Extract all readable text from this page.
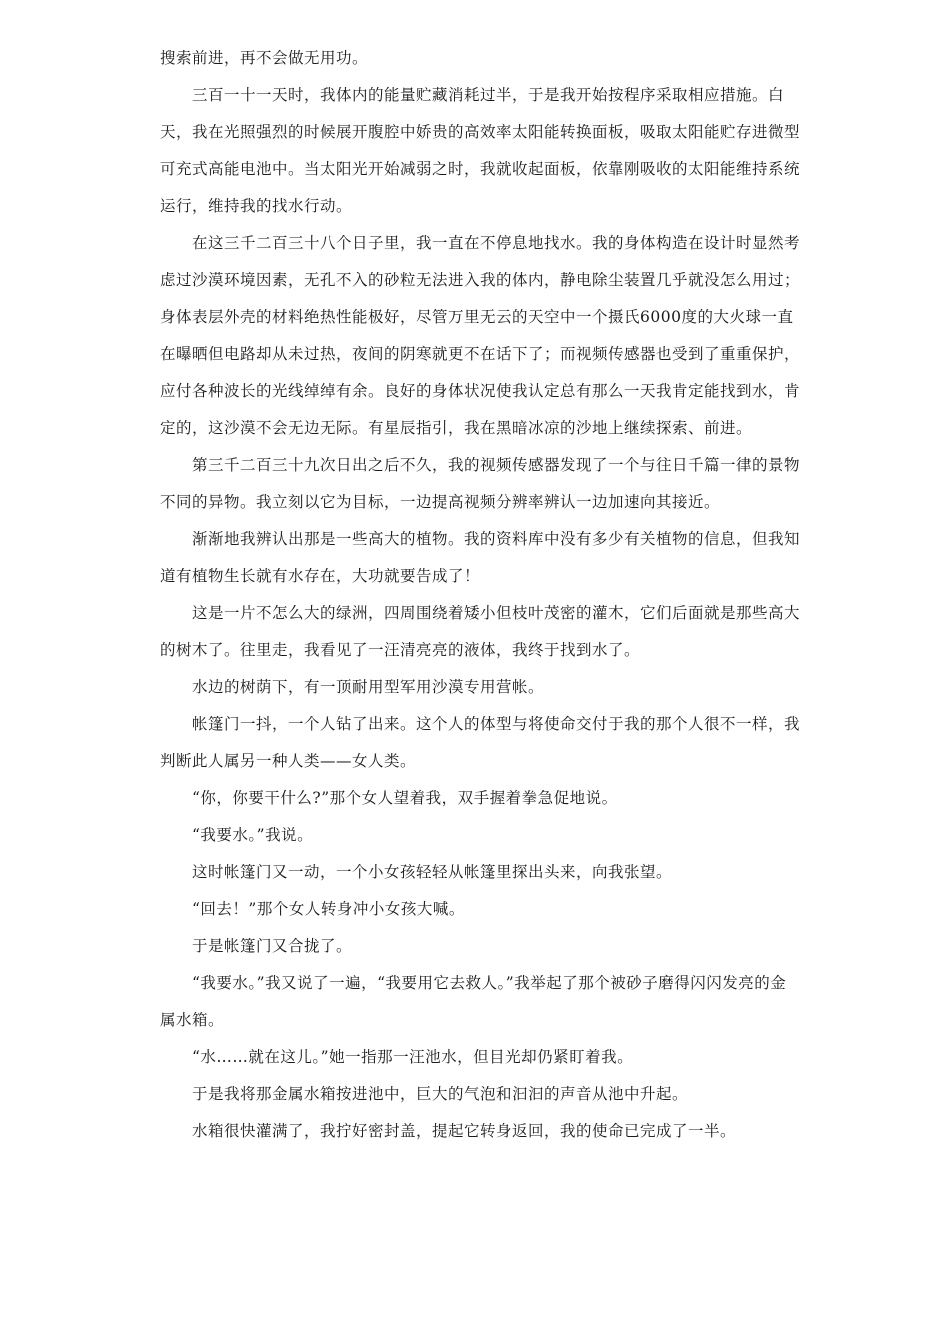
搜索前进，再不会做无用功。

三百一十一天时，我体内的能量贮藏消耗过半，于是我开始按程序采取相应措施。白天，我在光照强烈的时候展开腹腔中娇贵的高效率太阳能转换面板，吸取太阳能贮存进微型可充式高能电池中。当太阳光开始减弱之时，我就收起面板，依靠刚吸收的太阳能维持系统运行，维持我的找水行动。

在这三千二百三十八个日子里，我一直在不停息地找水。我的身体构造在设计时显然考虑过沙漠环境因素，无孔不入的砂粒无法进入我的体内，静电除尘装置几乎就没怎么用过；身体表层外壳的材料绝热性能极好，尽管万里无云的天空中一个摄氏6000度的大火球一直在曝晒但电路却从未过热，夜间的阴寒就更不在话下了；而视频传感器也受到了重重保护，应付各种波长的光线绰绰有余。良好的身体状况使我认定总有那么一天我肯定能找到水，肯定的，这沙漠不会无边无际。有星辰指引，我在黑暗冰凉的沙地上继续探索、前进。

第三千二百三十九次日出之后不久，我的视频传感器发现了一个与往日千篇一律的景物不同的异物。我立刻以它为目标，一边提高视频分辨率辨认一边加速向其接近。

渐渐地我辨认出那是一些高大的植物。我的资料库中没有多少有关植物的信息，但我知道有植物生长就有水存在，大功就要告成了！

这是一片不怎么大的绿洲，四周围绕着矮小但枝叶茂密的灌木，它们后面就是那些高大的树木了。往里走，我看见了一汪清亮亮的液体，我终于找到水了。

水边的树荫下，有一顶耐用型军用沙漠专用营帐。

帐篷门一抖，一个人钻了出来。这个人的体型与将使命交付于我的那个人很不一样，我判断此人属另一种人类——女人类。

“你，你要干什么?”那个女人望着我，双手握着拳急促地说。

“我要水。”我说。

这时帐篷门又一动，一个小女孩轻轻从帐篷里探出头来，向我张望。

“回去！”那个女人转身冲小女孩大喊。

于是帐篷门又合拢了。

“我要水。”我又说了一遍，“我要用它去救人。”我举起了那个被砂子磨得闪闪发亮的金属水箱。

“水……就在这儿。”她一指那一汪池水，但目光却仍紧盯着我。

于是我将那金属水箱按进池中，巨大的气泡和汩汩的声音从池中升起。

水箱很快灌满了，我拧好密封盖，提起它转身返回，我的使命已完成了一半。
